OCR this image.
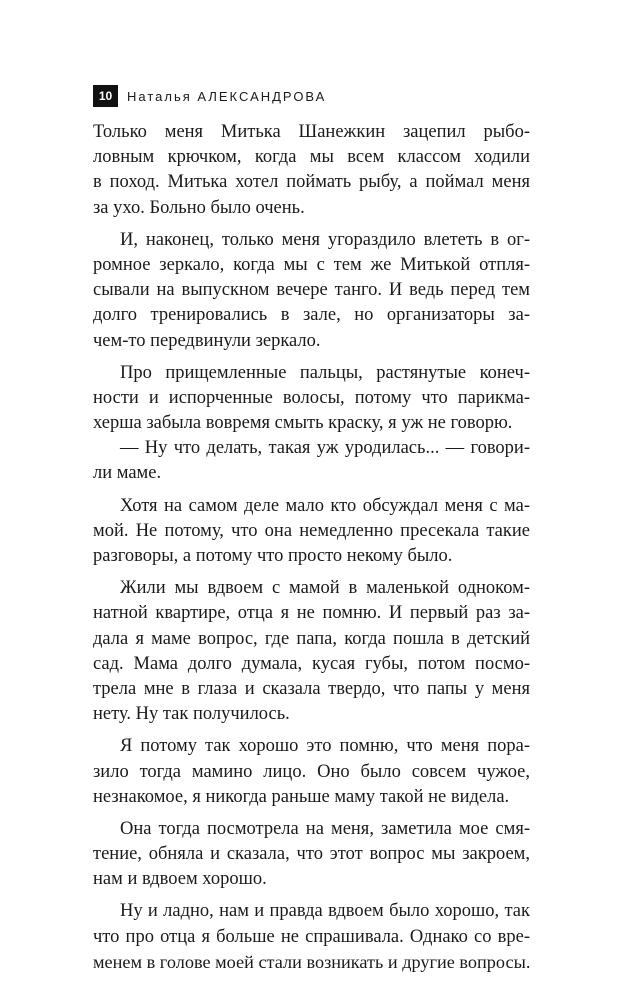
10	Наталья АЛЕКСАНДРОВА
Только меня Митька Шанежкин зацепил рыбо-
ловным крючком, когда мы всем классом ходили
в поход. Митька хотел поймать рыбу, а поймал меня
за ухо. Больно было очень.
И, наконец, только меня угораздило влететь в ог-
ромное зеркало, когда мы с тем же Митькой отпля-
сывали на выпускном вечере танго. И ведь перед тем
долго тренировались в зале, но организаторы за-
чем-то передвинули зеркало.
Про прищемленные пальцы, растянутые конеч-
ности и испорченные волосы, потому что парикма-
херша забыла вовремя смыть краску, я уж не говорю.
— Ну что делать, такая уж уродилась... — говори-
ли маме.
Хотя на самом деле мало кто обсуждал меня с ма-
мой. Не потому, что она немедленно пресекала такие
разговоры, а потому что просто некому было.
Жили мы вдвоем с мамой в маленькой одноком-
натной квартире, отца я не помню. И первый раз за-
дала я маме вопрос, где папа, когда пошла в детский
сад. Мама долго думала, кусая губы, потом посмо-
трела мне в глаза и сказала твердо, что папы у меня
нету. Ну так получилось.
Я потому так хорошо это помню, что меня пора-
зило тогда мамино лицо. Оно было совсем чужое,
незнакомое, я никогда раньше маму такой не видела.
Она тогда посмотрела на меня, заметила мое смя-
тение, обняла и сказала, что этот вопрос мы закроем,
нам и вдвоем хорошо.
Ну и ладно, нам и правда вдвоем было хорошо, так
что про отца я больше не спрашивала. Однако со вре-
менем в голове моей стали возникать и другие вопросы.
